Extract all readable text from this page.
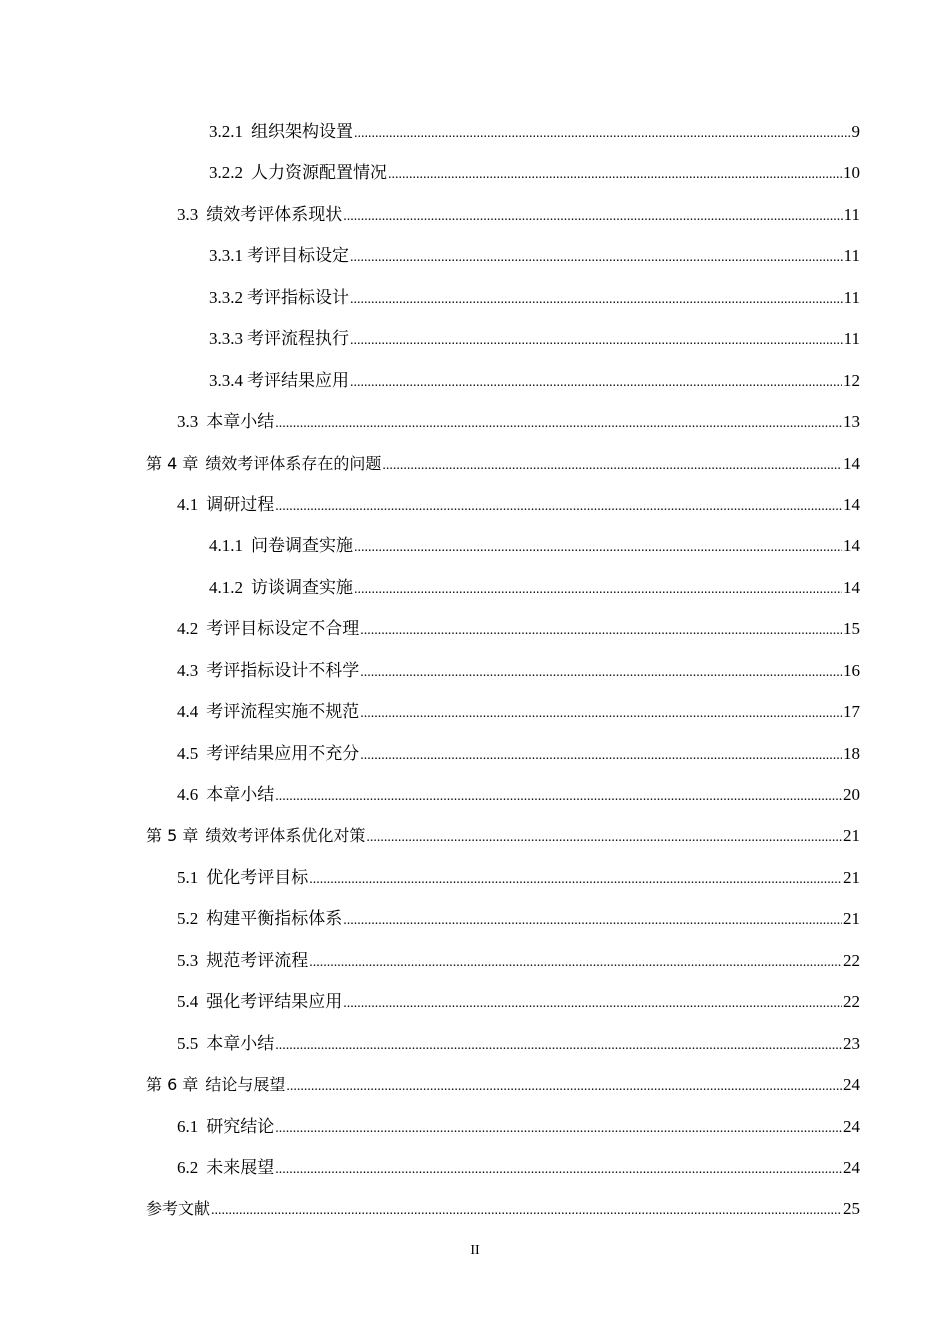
3.2.1 组织架构设置 .....	9
3.2.2 人力资源配置情况 .....	10
3.3 绩效考评体系现状 .....	11
3.3.1 考评目标设定 .....	11
3.3.2 考评指标设计 .....	11
3.3.3 考评流程执行 .....	11
3.3.4 考评结果应用 .....	12
3.3 本章小结 .....	13
第 4 章 绩效考评体系存在的问题 .....	14
4.1 调研过程 .....	14
4.1.1 问卷调查实施 .....	14
4.1.2 访谈调查实施 .....	14
4.2 考评目标设定不合理 .....	15
4.3 考评指标设计不科学 .....	16
4.4 考评流程实施不规范 .....	17
4.5 考评结果应用不充分 .....	18
4.6 本章小结 .....	20
第 5 章 绩效考评体系优化对策 .....	21
5.1 优化考评目标 .....	21
5.2 构建平衡指标体系 .....	21
5.3 规范考评流程 .....	22
5.4 强化考评结果应用 .....	22
5.5 本章小结 .....	23
第 6 章 结论与展望 .....	24
6.1 研究结论 .....	24
6.2 未来展望 .....	24
参考文献 .....	25
II
